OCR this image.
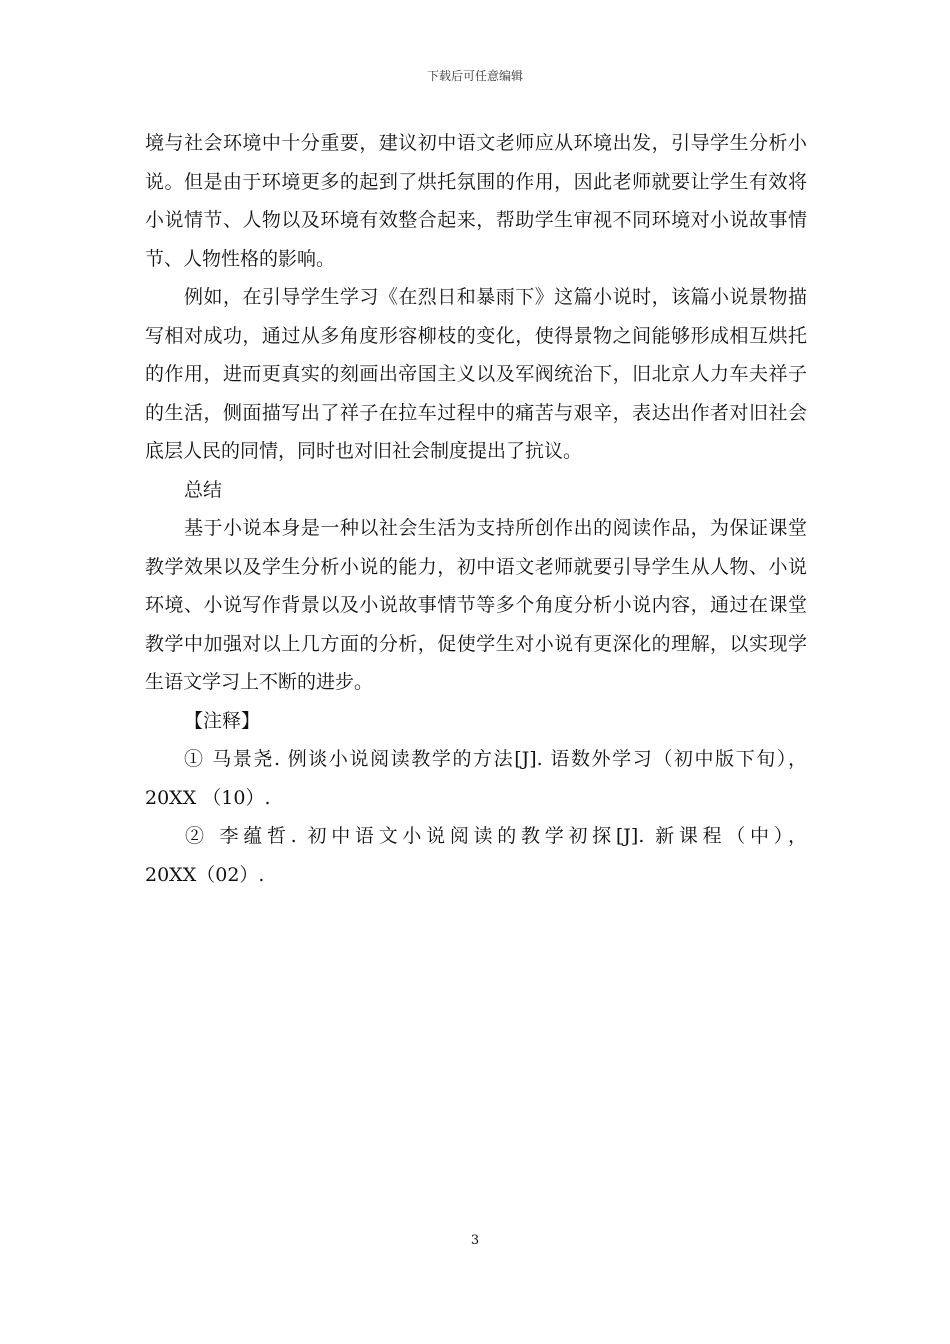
下载后可任意编辑
境与社会环境中十分重要，建议初中语文老师应从环境出发，引导学生分析小
说。但是由于环境更多的起到了烘托氛围的作用，因此老师就要让学生有效将
小说情节、人物以及环境有效整合起来，帮助学生审视不同环境对小说故事情
节、人物性格的影响。
例如，在引导学生学习《在烈日和暴雨下》这篇小说时，该篇小说景物描
写相对成功，通过从多角度形容柳枝的变化，使得景物之间能够形成相互烘托
的作用，进而更真实的刻画出帝国主义以及军阀统治下，旧北京人力车夫祥子
的生活，侧面描写出了祥子在拉车过程中的痛苦与艰辛，表达出作者对旧社会
底层人民的同情，同时也对旧社会制度提出了抗议。
总结
基于小说本身是一种以社会生活为支持所创作出的阅读作品，为保证课堂
教学效果以及学生分析小说的能力，初中语文老师就要引导学生从人物、小说
环境、小说写作背景以及小说故事情节等多个角度分析小说内容，通过在课堂
教学中加强对以上几方面的分析，促使学生对小说有更深化的理解，以实现学
生语文学习上不断的进步。
【注释】
① 马景尧. 例谈小说阅读教学的方法[J]. 语数外学习（初中版下旬），
20XX （10）.
② 李蕴哲. 初中语文小说阅读的教学初探[J]. 新课程（中），
20XX（02）.
3
